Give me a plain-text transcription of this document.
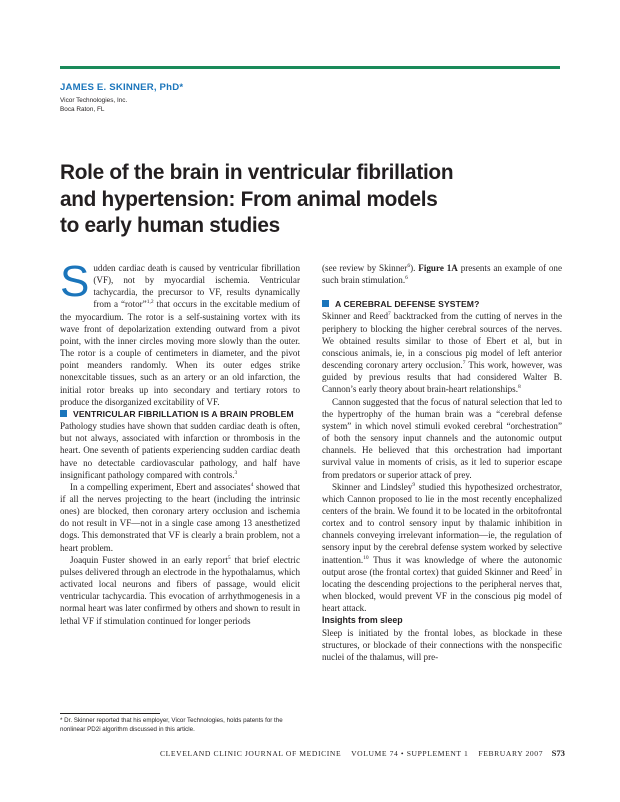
JAMES E. SKINNER, PhD*
Vicor Technologies, Inc.
Boca Raton, FL
Role of the brain in ventricular fibrillation
and hypertension: From animal models
to early human studies

Sudden cardiac death is caused by ventricular fibrillation (VF), not by myocardial ischemia. Ventricular tachycardia, the precursor to VF, results dynamically from a “rotor”$^{1,2}$ that occurs in the excitable medium of the myocardium. The rotor is a self-sustaining vortex with its wave front of depolarization extending outward from a pivot point, with the inner circles moving more slowly than the outer. The rotor is a couple of centimeters in diameter, and the pivot point meanders randomly. When its outer edges strike nonexcitable tissues, such as an artery or an old infarction, the initial rotor breaks up into secondary and tertiary rotors to produce the disorganized excitability of VF.

VENTRICULAR FIBRILLATION IS A BRAIN PROBLEM

Pathology studies have shown that sudden cardiac death is often, but not always, associated with infarction or thrombosis in the heart. One seventh of patients experiencing sudden cardiac death have no detectable cardiovascular pathology, and half have insignificant pathology compared with controls.$^3$

In a compelling experiment, Ebert and associates$^4$ showed that if all the nerves projecting to the heart (including the intrinsic ones) are blocked, then coronary artery occlusion and ischemia do not result in VF—not in a single case among 13 anesthetized dogs. This demonstrated that VF is clearly a brain problem, not a heart problem.

Joaquin Fuster showed in an early report$^5$ that brief electric pulses delivered through an electrode in the hypothalamus, which activated local neurons and fibers of passage, would elicit ventricular tachycardia. This evocation of arrhythmogenesis in a normal heart was later confirmed by others and shown to result in lethal VF if stimulation continued for longer periods

(see review by Skinner$^6$). Figure 1A presents an example of one such brain stimulation.$^6$

A CEREBRAL DEFENSE SYSTEM?

Skinner and Reed$^7$ backtracked from the cutting of nerves in the periphery to blocking the higher cerebral sources of the nerves. We obtained results similar to those of Ebert et al, but in conscious animals, ie, in a conscious pig model of left anterior descending coronary artery occlusion.$^7$ This work, however, was guided by previous results that had considered Walter B. Cannon’s early theory about brain-heart relationships.$^8$

Cannon suggested that the focus of natural selection that led to the hypertrophy of the human brain was a “cerebral defense system” in which novel stimuli evoked cerebral “orchestration” of both the sensory input channels and the autonomic output channels. He believed that this orchestration had important survival value in moments of crisis, as it led to superior escape from predators or superior attack of prey.

Skinner and Lindsley$^9$ studied this hypothesized orchestrator, which Cannon proposed to lie in the most recently encephalized centers of the brain. We found it to be located in the orbitofrontal cortex and to control sensory input by thalamic inhibition in channels conveying irrelevant information—ie, the regulation of sensory input by the cerebral defense system worked by selective inattention.$^{10}$ Thus it was knowledge of where the autonomic output arose (the frontal cortex) that guided Skinner and Reed$^7$ in locating the descending projections to the peripheral nerves that, when blocked, would prevent VF in the conscious pig model of heart attack.

Insights from sleep

Sleep is initiated by the frontal lobes, as blockade in these structures, or blockade of their connections with the nonspecific nuclei of the thalamus, will pre-

* Dr. Skinner reported that his employer, Vicor Technologies, holds patents for the nonlinear PD2i algorithm discussed in this article.
CLEVELAND CLINIC JOURNAL OF MEDICINE VOLUME 74 • SUPPLEMENT 1 FEBRUARY 2007 S73
